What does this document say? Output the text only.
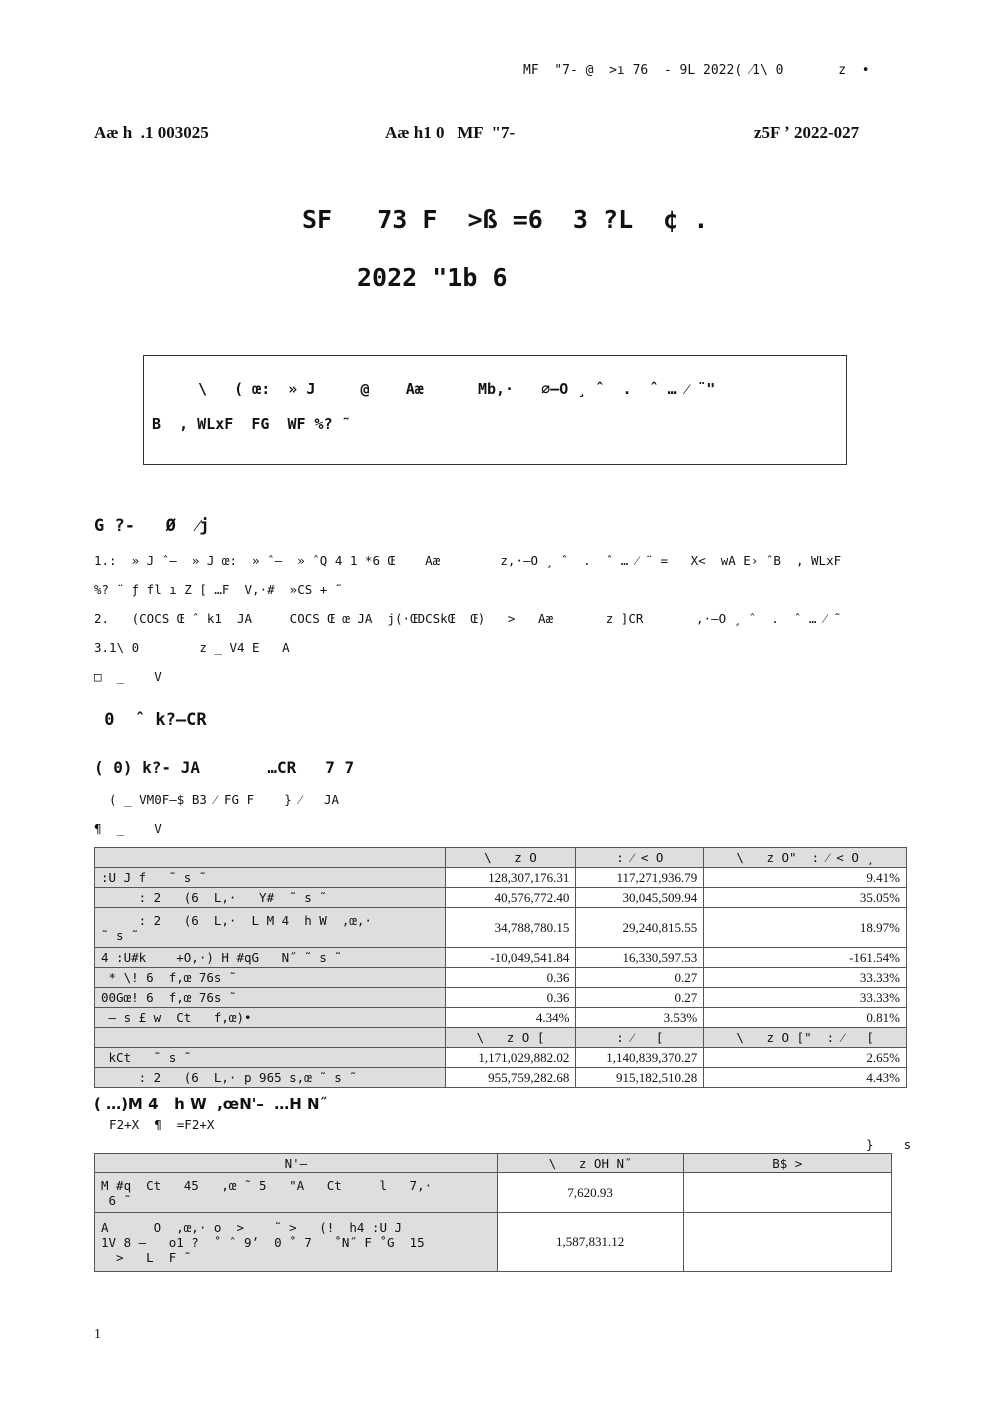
MF  "7- @  >ı 76  - 9L 2022( ⁄1\ 0       z  •

Aæ h  .1 003025

	Aæ h1 0   MF  "7-

	z5F ʼ 2022-027

SF   73 F  >ß =6  3 ?L  ¢ .
2022 "1b 6
\   ( œ:  » J     @    Aæ      Mb,·   ∅–O ¸ ˆ  .  ˆ … ⁄ ¨"
B  , WLxF  FG  WF %? ˜
G ?-   Ø  ⁄j
1.:  » J ˆ–  » J œ:  » ˆ–  » ˆQ 4 1 *6 Œ    Aæ        z,·–O ¸ ˆ  .  ˆ … ⁄ ¨ =   X<  wA E› ˆB  , WLxF
%? ¨ ƒ fl ı Z [ …F  V,·#  »CS + ˜
2.   (COCS Œ ˆ k1  JA     COCS Œ œ JA  j(·ŒDCSkŒ  Œ)   >   Aæ       z ]CR       ,·–O ¸ ˆ  .  ˆ … ⁄ ˜
3.1\ 0        z _ V4 E   A
□  _    V
0  ˆ k?–CR
( 0) k?- JA       …CR   7 7
( _ VM0F–$ B3 ⁄ FG F    } ⁄   JA
¶  _    V
	\   z O	: ⁄ < O	\   z O"  : ⁄ < O ¸
:U J f   ˜ s ˜	128,307,176.31	117,271,936.79	9.41%
: 2   (6  L,·   Y#  ˜ s ˜	40,576,772.40	30,045,509.94	35.05%
: 2   (6  L,·  L M 4  h W  ,œ,·
˜ s ˜	34,788,780.15	29,240,815.55	18.97%
4 :U#k    +O,·) H #qG   N˝ ˜ s ˜	-10,049,541.84	16,330,597.53	-161.54%
* \! 6  f,œ 76s ˜	0.36	0.27	33.33%
00Gœ! 6  f,œ 76s ˜	0.36	0.27	33.33%
— s £ w  Ct   f,œ)•	4.34%	3.53%	0.81%
	\   z O [	: ⁄   [	\   z O ["  : ⁄   [
kCt   ˜ s ˜	1,171,029,882.02	1,140,839,370.27	2.65%
: 2   (6  L,· p 965 s,œ ˜ s ˜	955,759,282.68	915,182,510.28	4.43%
( …)M 4   h W  ,œN'–  …H N˝
F2+X  ¶  =F2+X
}    s
N'–	\   z OH N˝	B$ >
M #q  Ct   45   ,œ ˜ 5   "A   Ct     l   7,·
6 ˜	7,620.93	
A      O  ,œ,· o  >    ˜ >   (!  h4 :U J
1V 8 –   o1 ?  ˚ ˆ 9ʼ  0 ˚ 7   ˚N˝ F ˚G  15
>   L  F ˜	1,587,831.12	
1
